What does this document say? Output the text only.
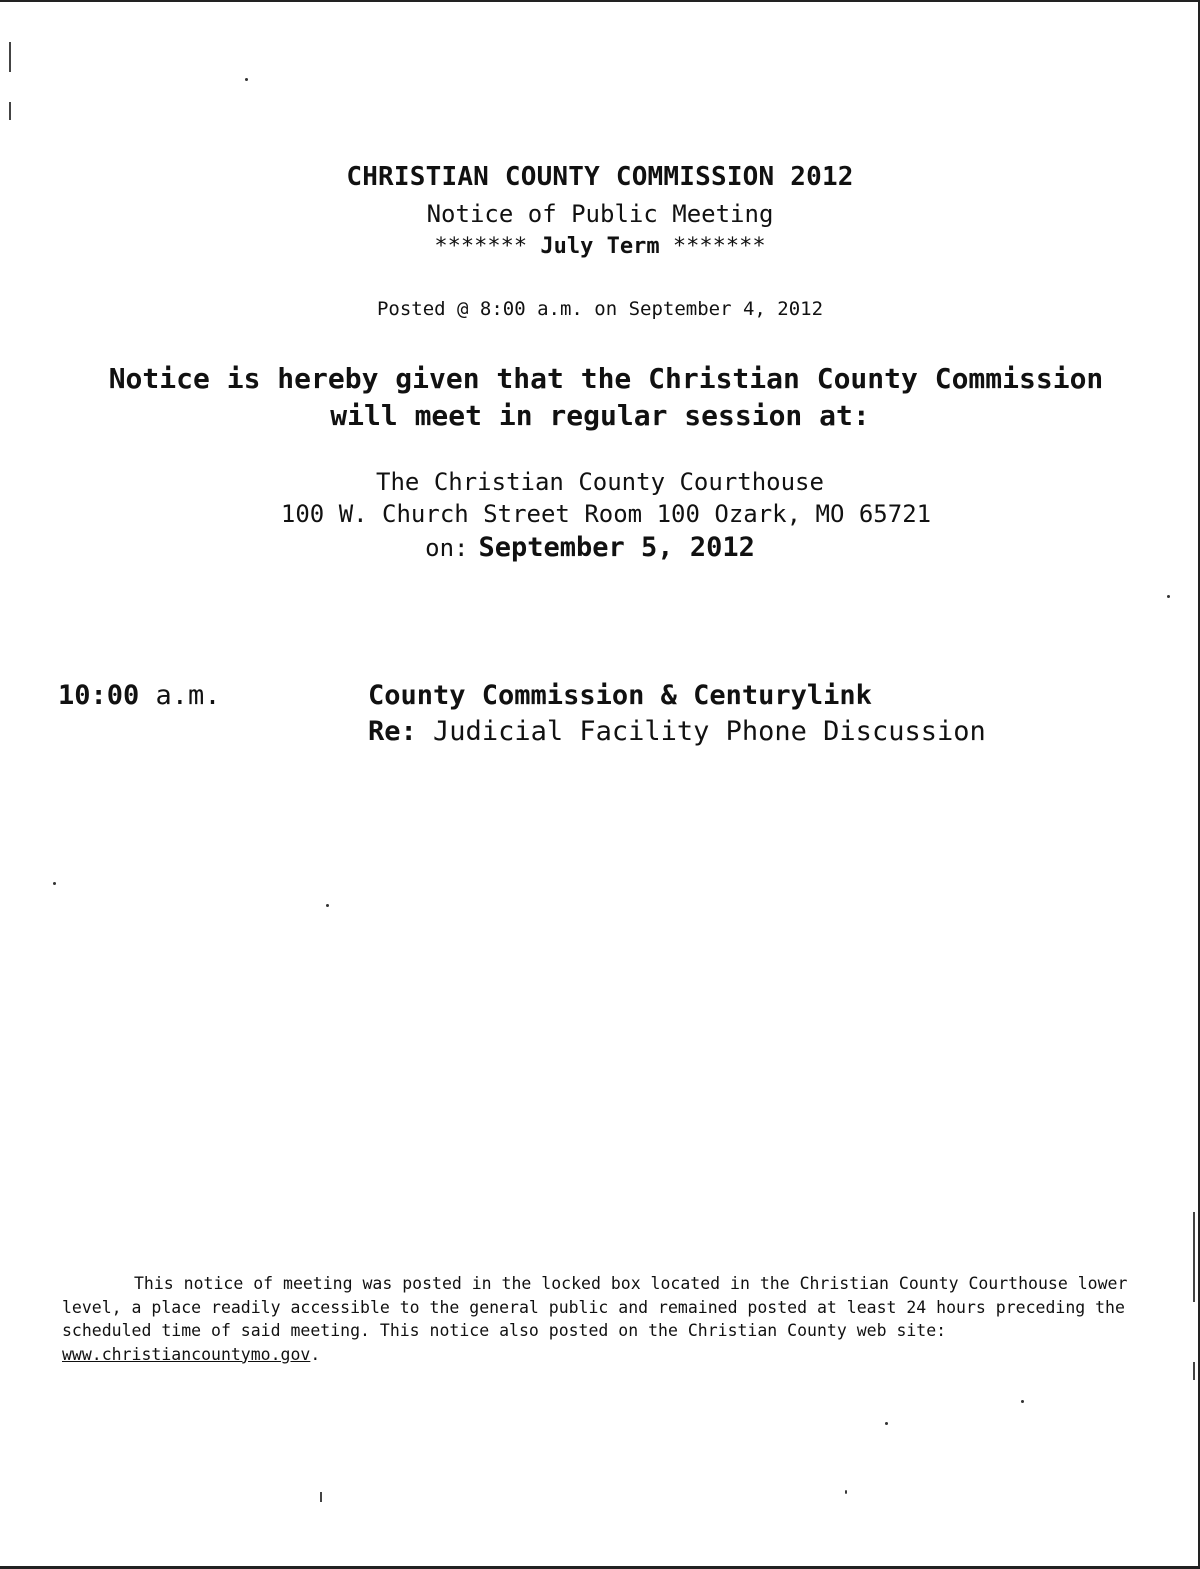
CHRISTIAN COUNTY COMMISSION 2012
Notice of Public Meeting
******* July Term *******
Posted @ 8:00 a.m. on September 4, 2012
Notice is hereby given that the Christian County Commission
will meet in regular session at:
The Christian County Courthouse
100 W. Church Street Room 100 Ozark, MO 65721
on: September 5, 2012
10:00 a.m.	County Commission & Centurylink
Re: Judicial Facility Phone Discussion
This notice of meeting was posted in the locked box located in the Christian County Courthouse lower level, a place readily accessible to the general public and remained posted at least 24 hours preceding the scheduled time of said meeting. This notice also posted on the Christian County web site: www.christiancountymo.gov.
